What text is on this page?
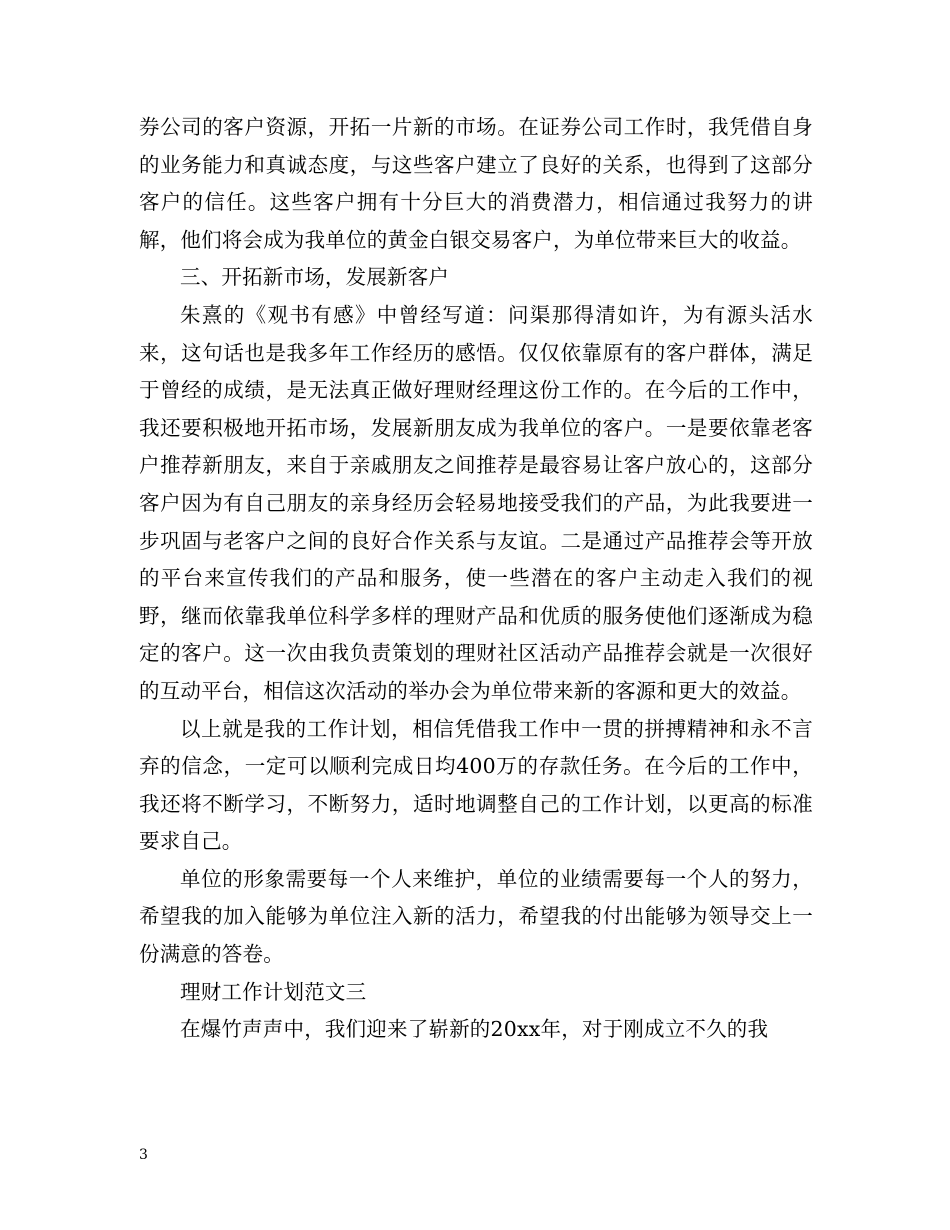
券公司的客户资源，开拓一片新的市场。在证券公司工作时，我凭借自身的业务能力和真诚态度，与这些客户建立了良好的关系，也得到了这部分客户的信任。这些客户拥有十分巨大的消费潜力，相信通过我努力的讲解，他们将会成为我单位的黄金白银交易客户，为单位带来巨大的收益。

三、开拓新市场，发展新客户

朱熹的《观书有感》中曾经写道：问渠那得清如许，为有源头活水来，这句话也是我多年工作经历的感悟。仅仅依靠原有的客户群体，满足于曾经的成绩，是无法真正做好理财经理这份工作的。在今后的工作中，我还要积极地开拓市场，发展新朋友成为我单位的客户。一是要依靠老客户推荐新朋友，来自于亲戚朋友之间推荐是最容易让客户放心的，这部分客户因为有自己朋友的亲身经历会轻易地接受我们的产品，为此我要进一步巩固与老客户之间的良好合作关系与友谊。二是通过产品推荐会等开放的平台来宣传我们的产品和服务，使一些潜在的客户主动走入我们的视野，继而依靠我单位科学多样的理财产品和优质的服务使他们逐渐成为稳定的客户。这一次由我负责策划的理财社区活动产品推荐会就是一次很好的互动平台，相信这次活动的举办会为单位带来新的客源和更大的效益。

以上就是我的工作计划，相信凭借我工作中一贯的拼搏精神和永不言弃的信念，一定可以顺利完成日均400万的存款任务。在今后的工作中，我还将不断学习，不断努力，适时地调整自己的工作计划，以更高的标准要求自己。

单位的形象需要每一个人来维护，单位的业绩需要每一个人的努力，希望我的加入能够为单位注入新的活力，希望我的付出能够为领导交上一份满意的答卷。

理财工作计划范文三

在爆竹声声中，我们迎来了崭新的20xx年，对于刚成立不久的我

3
